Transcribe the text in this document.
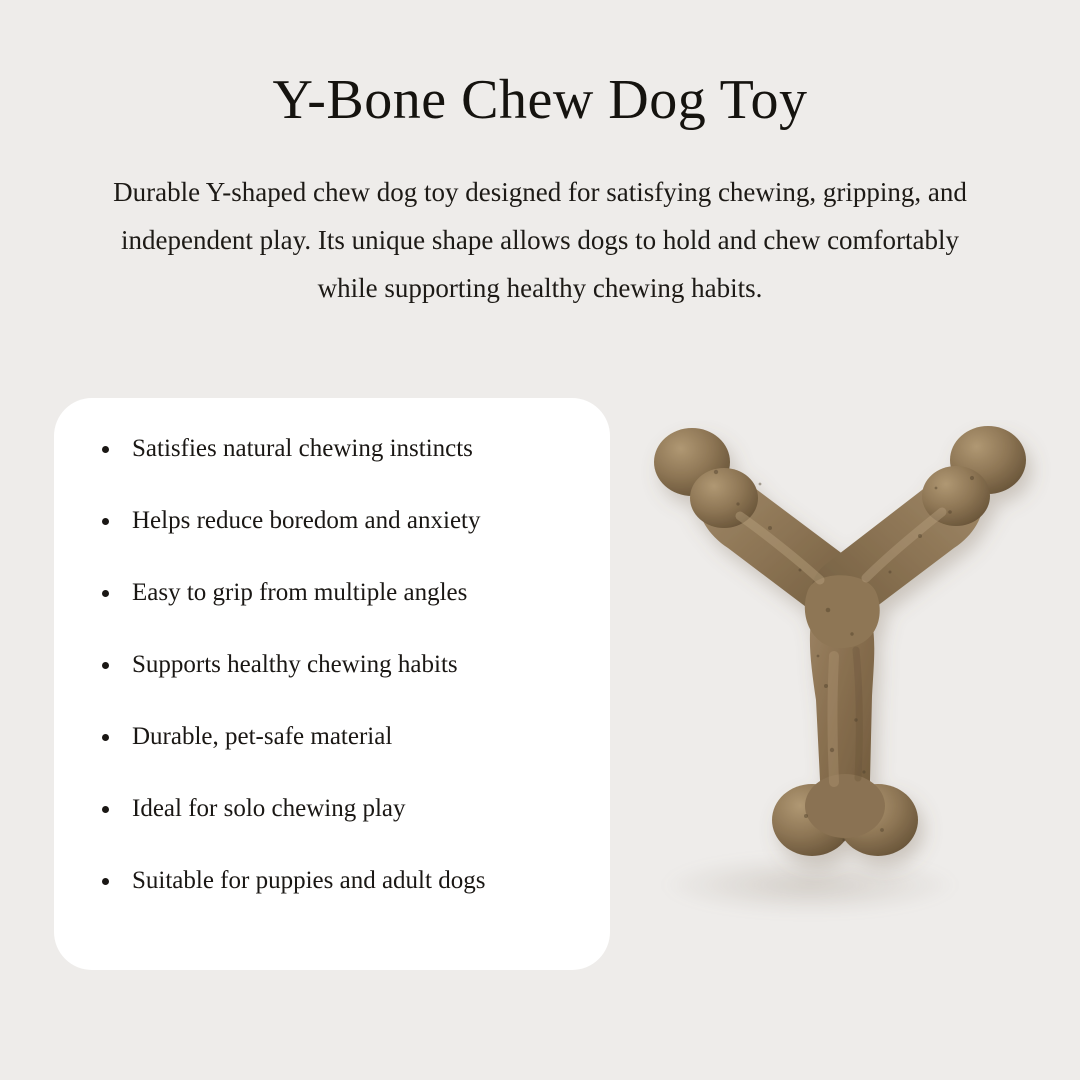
Y-Bone Chew Dog Toy
Durable Y-shaped chew dog toy designed for satisfying chewing, gripping, and independent play. Its unique shape allows dogs to hold and chew comfortably while supporting healthy chewing habits.
Satisfies natural chewing instincts
Helps reduce boredom and anxiety
Easy to grip from multiple angles
Supports healthy chewing habits
Durable, pet-safe material
Ideal for solo chewing play
Suitable for puppies and adult dogs
